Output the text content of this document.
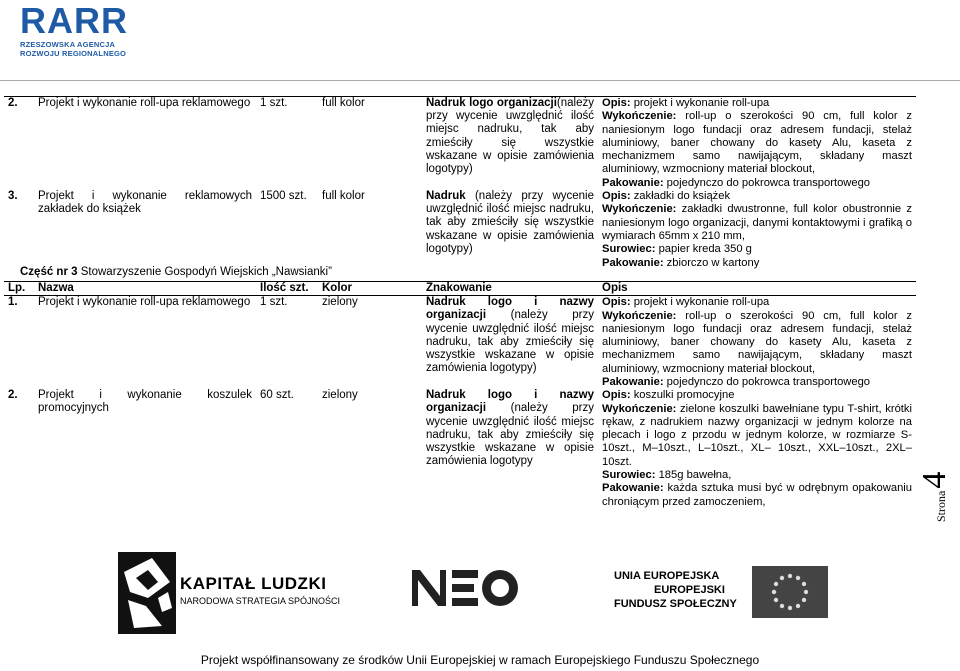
RARR
RZESZOWSKA AGENCJA
ROZWOJU REGIONALNEGO
2.	Projekt i wykonanie roll-upa reklamowego	1 szt.	full kolor	Nadruk logo organizacji(należy przy wycenie uwzględnić ilość miejsc nadruku, tak aby zmieściły się wszystkie wskazane w opisie zamówienia logotypy)	Opis: projekt i wykonanie roll-upa
Wykończenie: roll-up o szerokości 90 cm, full kolor z naniesionym logo fundacji oraz adresem fundacji, stelaż aluminiowy, baner chowany do kasety Alu, kaseta z mechanizmem samo nawijającym, składany maszt aluminiowy, wzmocniony materiał blockout,
Pakowanie: pojedynczo do pokrowca transportowego

3.	Projekt i wykonanie reklamowych zakładek do książek	1500 szt.	full kolor	Nadruk (należy przy wycenie uwzględnić ilość miejsc nadruku, tak aby zmieściły się wszystkie wskazane w opisie zamówienia logotypy)	Opis: zakładki do książek
Wykończenie: zakładki dwustronne, full kolor obustronnie z naniesionym logo organizacji, danymi kontaktowymi i grafiką o wymiarach 65mm x 210 mm,
Surowiec: papier kreda 350 g
Pakowanie: zbiorczo w kartony
Część nr 3 Stowarzyszenie Gospodyń Wiejskich „Nawsianki”
Lp.	Nazwa	Ilość szt.	Kolor	Znakowanie	Opis
1.	Projekt i wykonanie roll-upa reklamowego	1 szt.	zielony	Nadruk logo i nazwy organizacji (należy przy wycenie uwzględnić ilość miejsc nadruku, tak aby zmieściły się wszystkie wskazane w opisie zamówienia logotypy)	Opis: projekt i wykonanie roll-upa
Wykończenie: roll-up o szerokości 90 cm, full kolor z naniesionym logo fundacji oraz adresem fundacji, stelaż aluminiowy, baner chowany do kasety Alu, kaseta z mechanizmem samo nawijającym, składany maszt aluminiowy, wzmocniony materiał blockout,
Pakowanie: pojedynczo do pokrowca transportowego

2.	Projekt i wykonanie koszulek promocyjnych	60 szt.	zielony	Nadruk logo i nazwy organizacji (należy przy wycenie uwzględnić ilość miejsc nadruku, tak aby zmieściły się wszystkie wskazane w opisie zamówienia logotypy	Opis: koszulki promocyjne
Wykończenie: zielone koszulki bawełniane typu T-shirt, krótki rękaw, z nadrukiem nazwy organizacji w jednym kolorze na plecach i logo z przodu w jednym kolorze, w rozmiarze S-10szt., M–10szt., L–10szt., XL– 10szt., XXL–10szt., 2XL–10szt.
Surowiec: 185g bawełna,
Pakowanie: każda sztuka musi być w odrębnym opakowaniu chroniącym przed zamoczeniem,	Strona4
KAPITAŁ LUDZKI
NARODOWA STRATEGIA SPÓJNOŚCI
UNIA EUROPEJSKA
EUROPEJSKI
FUNDUSZ SPOŁECZNY
Projekt współfinansowany ze środków Unii Europejskiej w ramach Europejskiego Funduszu Społecznego
